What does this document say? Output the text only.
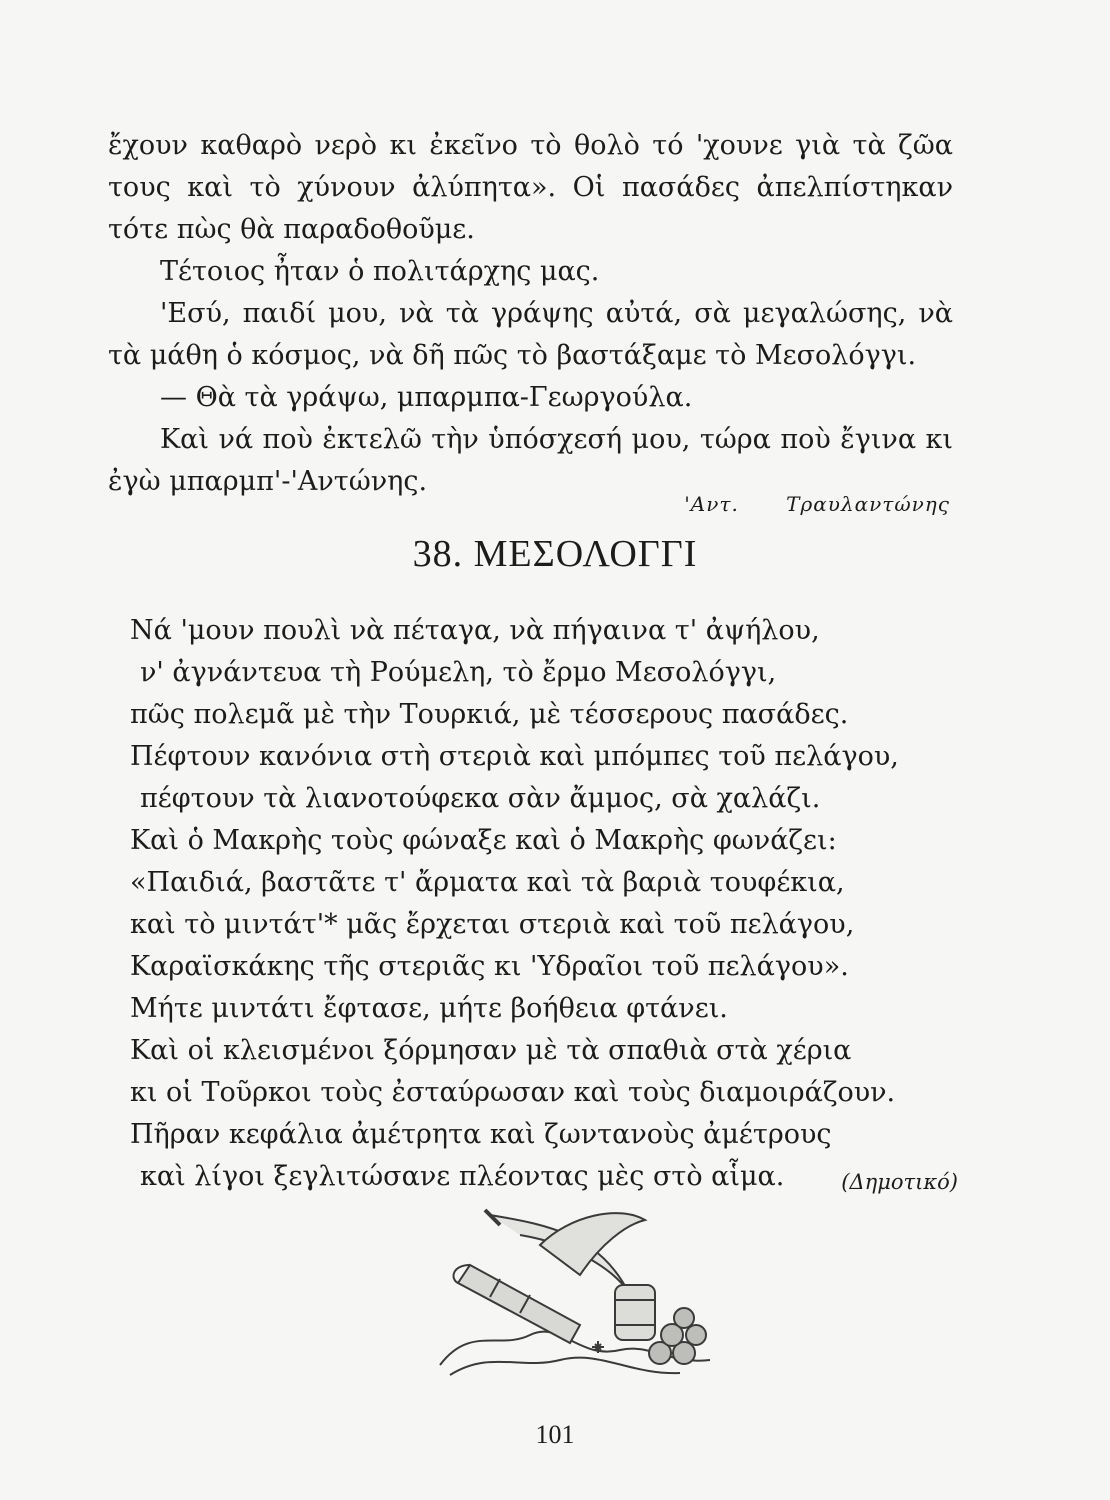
ἔχουν καθαρὸ νερὸ κι ἐκεῖνο τὸ θολὸ τό 'χουνε γιὰ τὰ ζῶα τους καὶ τὸ χύνουν ἀλύπητα». Οἱ πασάδες ἀπελπίστηκαν τότε πὼς θὰ παραδοθοῦμε.

Τέτοιος ἦταν ὁ πολιτάρχης μας.

'Εσύ, παιδί μου, νὰ τὰ γράψης αὐτά, σὰ μεγαλώσης, νὰ τὰ μάθη ὁ κόσμος, νὰ δῆ πῶς τὸ βαστάξαμε τὸ Μεσολόγγι.

— Θὰ τὰ γράψω, μπαρμπα-Γεωργούλα.

Καὶ νά ποὺ ἐκτελῶ τὴν ὑπόσχεσή μου, τώρα ποὺ ἔγινα κι ἐγὼ μπαρμπ'-'Αντώνης.

'Αντ. Τραυλαντώνης
38. ΜΕΣΟΛΟΓΓΙ
Νά 'μουν πουλὶ νὰ πέταγα, νὰ πήγαινα τ' ἀψήλου,
ν' ἀγνάντευα τὴ Ρούμελη, τὸ ἔρμο Μεσολόγγι,
πῶς πολεμᾶ μὲ τὴν Τουρκιά, μὲ τέσσερους πασάδες.
Πέφτουν κανόνια στὴ στεριὰ καὶ μπόμπες τοῦ πελάγου,
πέφτουν τὰ λιανοτούφεκα σὰν ἄμμος, σὰ χαλάζι.
Καὶ ὁ Μακρὴς τοὺς φώναξε καὶ ὁ Μακρὴς φωνάζει:
«Παιδιά, βαστᾶτε τ' ἄρματα καὶ τὰ βαριὰ τουφέκια,
καὶ τὸ μιντάτ'* μᾶς ἔρχεται στεριὰ καὶ τοῦ πελάγου,
Καραϊσκάκης τῆς στεριᾶς κι 'Υδραῖοι τοῦ πελάγου».
Μήτε μιντάτι ἔφτασε, μήτε βοήθεια φτάνει.
Καὶ οἱ κλεισμένοι ξόρμησαν μὲ τὰ σπαθιὰ στὰ χέρια
κι οἱ Τοῦρκοι τοὺς ἐσταύρωσαν καὶ τοὺς διαμοιράζουν.
Πῆραν κεφάλια ἀμέτρητα καὶ ζωντανοὺς ἀμέτρους
καὶ λίγοι ξεγλιτώσανε πλέοντας μὲς στὸ αἷμα.	(Δημοτικό)
101
